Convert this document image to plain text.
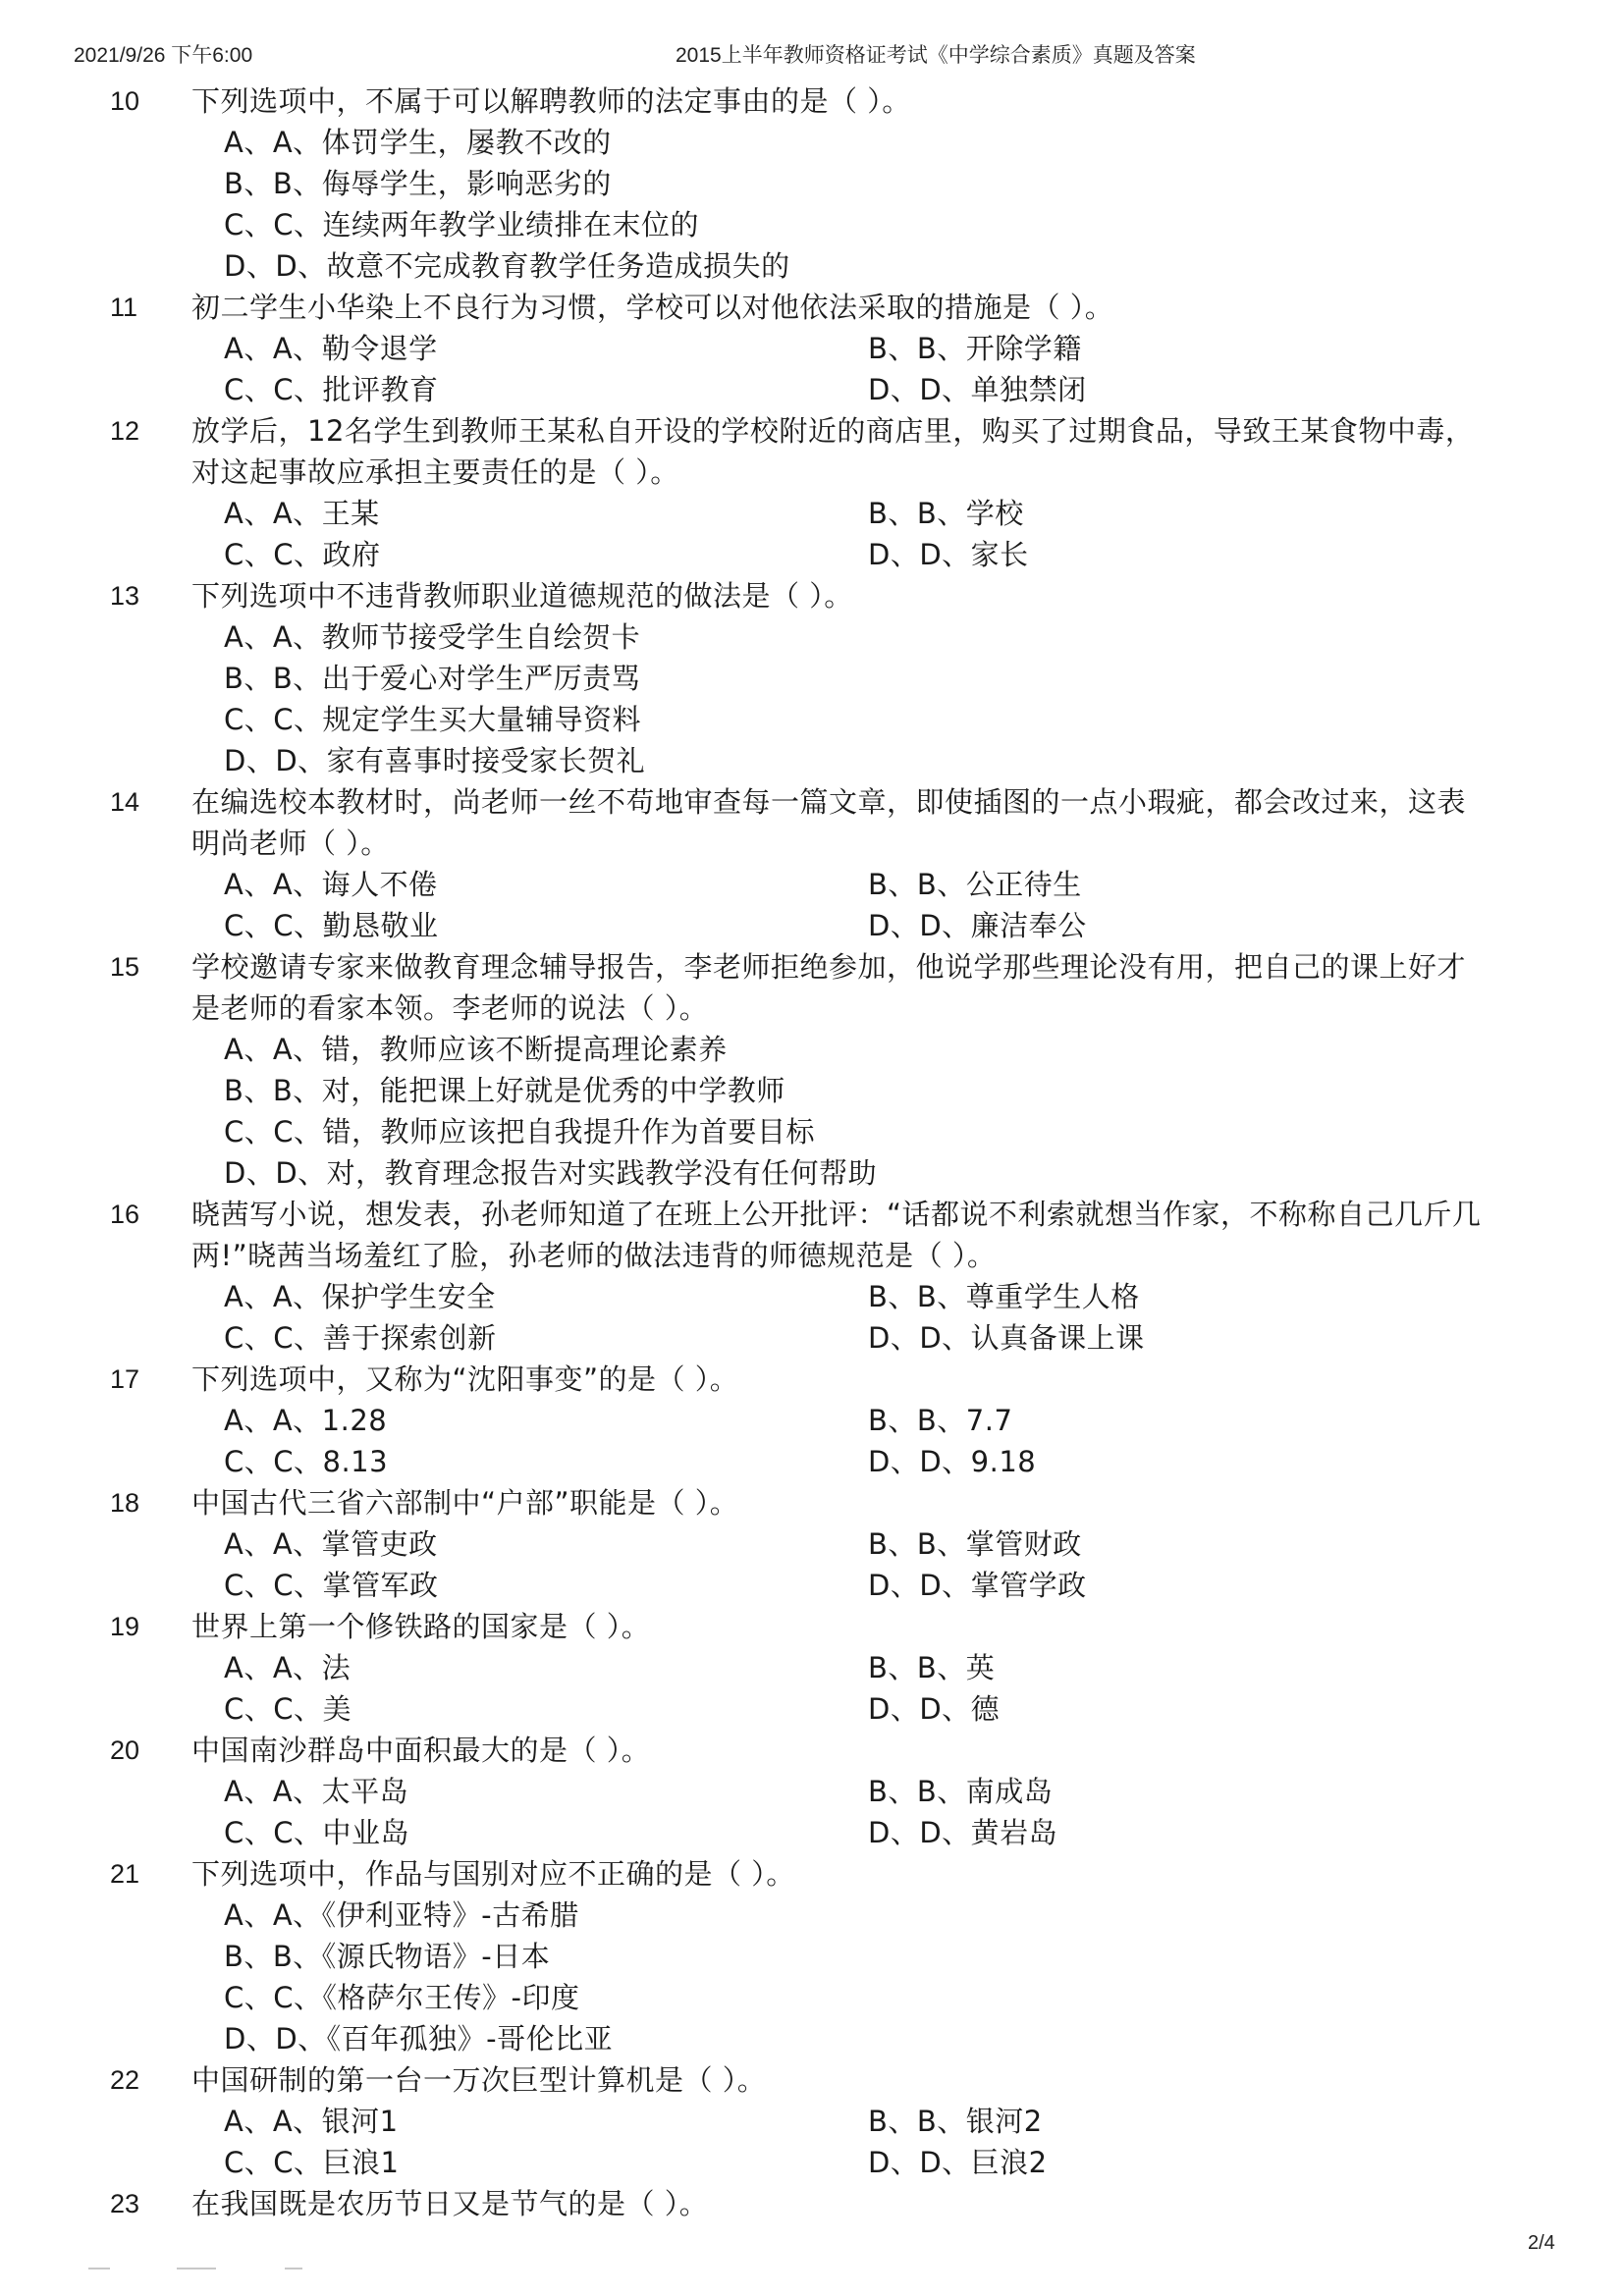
2021/9/26 下午6:00	2015上半年教师资格证考试《中学综合素质》真题及答案
10 下列选项中，不属于可以解聘教师的法定事由的是（ ）。
A、A、体罚学生，屡教不改的
B、B、侮辱学生，影响恶劣的
C、C、连续两年教学业绩排在末位的
D、D、故意不完成教育教学任务造成损失的
11 初二学生小华染上不良行为习惯，学校可以对他依法采取的措施是（ ）。
A、A、勒令退学	B、B、开除学籍
C、C、批评教育	D、D、单独禁闭
12 放学后，12名学生到教师王某私自开设的学校附近的商店里，购买了过期食品，导致王某食物中毒，
对这起事故应承担主要责任的是（ ）。
A、A、王某	B、B、学校
C、C、政府	D、D、家长
13 下列选项中不违背教师职业道德规范的做法是（ ）。
A、A、教师节接受学生自绘贺卡
B、B、出于爱心对学生严厉责骂
C、C、规定学生买大量辅导资料
D、D、家有喜事时接受家长贺礼
14 在编选校本教材时，尚老师一丝不苟地审查每一篇文章，即使插图的一点小瑕疵，都会改过来，这表
明尚老师（ ）。
A、A、诲人不倦	B、B、公正待生
C、C、勤恳敬业	D、D、廉洁奉公
15 学校邀请专家来做教育理念辅导报告，李老师拒绝参加，他说学那些理论没有用，把自己的课上好才
是老师的看家本领。李老师的说法（ ）。
A、A、错，教师应该不断提高理论素养
B、B、对，能把课上好就是优秀的中学教师
C、C、错，教师应该把自我提升作为首要目标
D、D、对，教育理念报告对实践教学没有任何帮助
16 晓茜写小说，想发表，孙老师知道了在班上公开批评：“话都说不利索就想当作家，不称称自己几斤几
两!”晓茜当场羞红了脸，孙老师的做法违背的师德规范是（ ）。
A、A、保护学生安全	B、B、尊重学生人格
C、C、善于探索创新	D、D、认真备课上课
17 下列选项中，又称为“沈阳事变”的是（ ）。
A、A、1.28	B、B、7.7
C、C、8.13	D、D、9.18
18 中国古代三省六部制中“户部”职能是（ ）。
A、A、掌管吏政	B、B、掌管财政
C、C、掌管军政	D、D、掌管学政
19 世界上第一个修铁路的国家是（ ）。
A、A、法	B、B、英
C、C、美	D、D、德
20 中国南沙群岛中面积最大的是（ ）。
A、A、太平岛	B、B、南成岛
C、C、中业岛	D、D、黄岩岛
21 下列选项中，作品与国别对应不正确的是（ ）。
A、A、《伊利亚特》-古希腊
B、B、《源氏物语》-日本
C、C、《格萨尔王传》-印度
D、D、《百年孤独》-哥伦比亚
22 中国研制的第一台一万次巨型计算机是（ ）。
A、A、银河1	B、B、银河2
C、C、巨浪1	D、D、巨浪2
23 在我国既是农历节日又是节气的是（ ）。
2/4
